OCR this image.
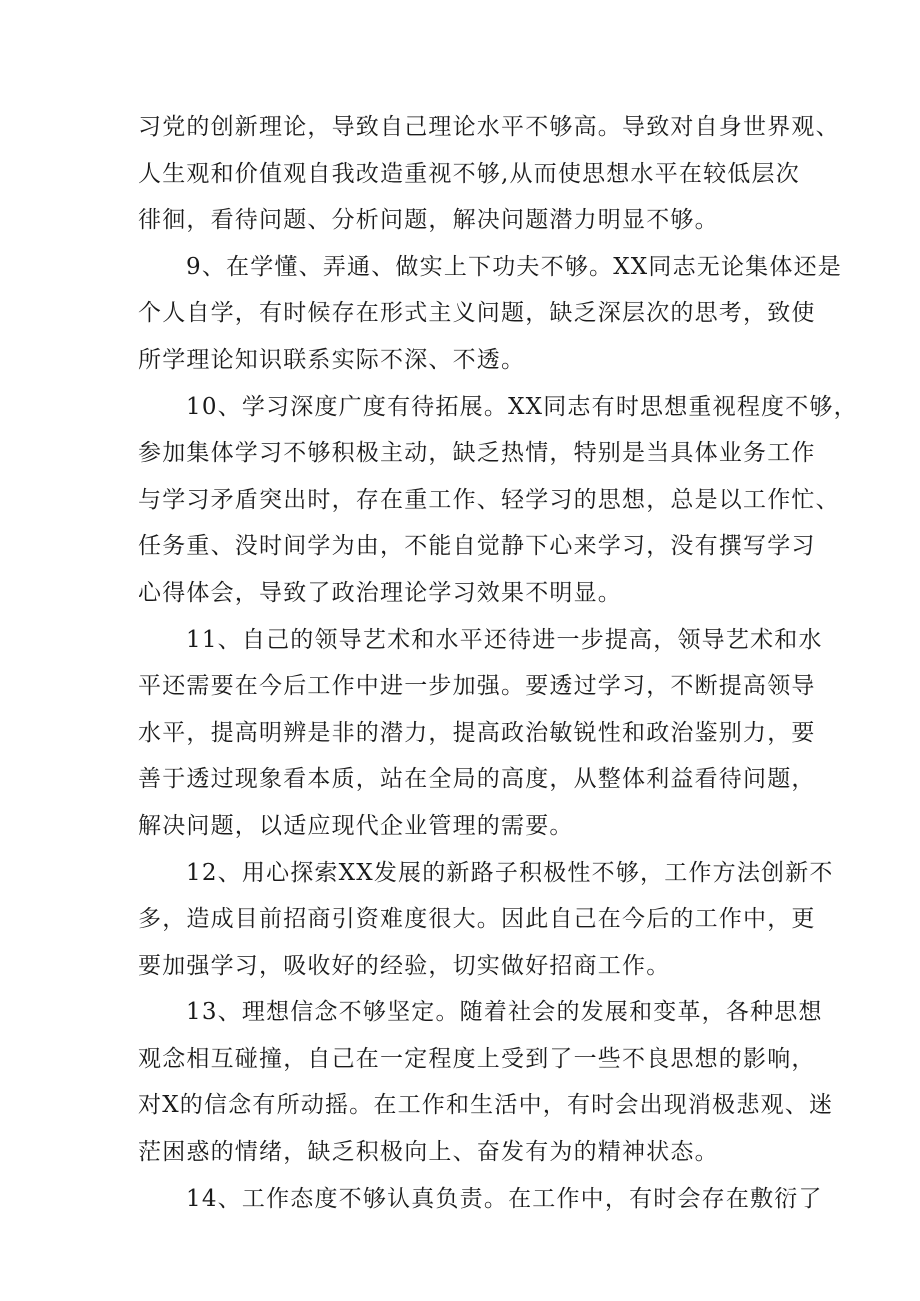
习党的创新理论，导致自己理论水平不够高。导致对自身世界观、
人生观和价值观自我改造重视不够,从而使思想水平在较低层次
徘徊，看待问题、分析问题，解决问题潜力明显不够。
9、在学懂、弄通、做实上下功夫不够。XX同志无论集体还是
个人自学，有时候存在形式主义问题，缺乏深层次的思考，致使
所学理论知识联系实际不深、不透。
10、学习深度广度有待拓展。XX同志有时思想重视程度不够，
参加集体学习不够积极主动，缺乏热情，特别是当具体业务工作
与学习矛盾突出时，存在重工作、轻学习的思想，总是以工作忙、
任务重、没时间学为由，不能自觉静下心来学习，没有撰写学习
心得体会，导致了政治理论学习效果不明显。
11、自己的领导艺术和水平还待进一步提高，领导艺术和水
平还需要在今后工作中进一步加强。要透过学习，不断提高领导
水平，提高明辨是非的潜力，提高政治敏锐性和政治鉴别力，要
善于透过现象看本质，站在全局的高度，从整体利益看待问题，
解决问题，以适应现代企业管理的需要。
12、用心探索XX发展的新路子积极性不够，工作方法创新不
多，造成目前招商引资难度很大。因此自己在今后的工作中，更
要加强学习，吸收好的经验，切实做好招商工作。
13、理想信念不够坚定。随着社会的发展和变革，各种思想
观念相互碰撞，自己在一定程度上受到了一些不良思想的影响，
对X的信念有所动摇。在工作和生活中，有时会出现消极悲观、迷
茫困惑的情绪，缺乏积极向上、奋发有为的精神状态。
14、工作态度不够认真负责。在工作中，有时会存在敷衍了
